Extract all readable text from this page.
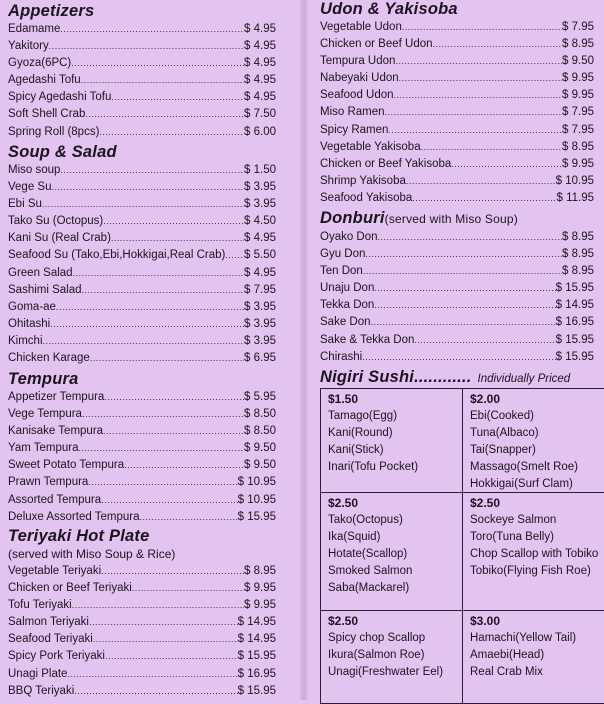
Appetizers
Edamame .....	$ 4.95
Yakitory .....	$ 4.95
Gyoza(6PC) .....	$ 4.95
Agedashi Tofu .....	$ 4.95
Spicy Agedashi Tofu .....	$ 4.95
Soft Shell Crab .....	$ 7.50
Spring Roll (8pcs) .....	$ 6.00
Soup & Salad
Miso soup .....	$ 1.50
Vege Su .....	$ 3.95
Ebi Su .....	$ 3.95
Tako Su (Octopus) .....	$ 4.50
Kani Su (Real Crab) .....	$ 4.95
Seafood Su (Tako,Ebi,Hokkigai,Real Crab) ..... $ 5.50
Green Salad .....	$ 4.95
Sashimi Salad .....	$ 7.95
Goma-ae .....	$ 3.95
Ohitashi .....	$ 3.95
Kimchi .....	$ 3.95
Chicken Karage .....	$ 6.95
Tempura
Appetizer Tempura .....	$ 5.95
Vege Tempura .....	$ 8.50
Kanisake Tempura .....	$ 8.50
Yam Tempura .....	$ 9.50
Sweet Potato Tempura .....	$ 9.50
Prawn Tempura .....	$ 10.95
Assorted Tempura .....	$ 10.95
Deluxe Assorted Tempura .....	$ 15.95
Teriyaki Hot Plate
(served with Miso Soup & Rice)
Vegetable Teriyaki .....	$ 8.95
Chicken or Beef Teriyaki .....	$ 9.95
Tofu Teriyaki .....	$ 9.95
Salmon Teriyaki .....	$ 14.95
Seafood Teriyaki .....	$ 14.95
Spicy Pork Teriyaki .....	$ 15.95
Unagi Plate .....	$ 16.95
BBQ Teriyaki .....	$ 15.95
Udon & Yakisoba
Vegetable Udon .....	$ 7.95
Chicken or Beef Udon .....	$ 8.95
Tempura Udon .....	$ 9.50
Nabeyaki Udon .....	$ 9.95
Seafood Udon .....	$ 9.95
Miso Ramen .....	$ 7.95
Spicy Ramen .....	$ 7.95
Vegetable Yakisoba .....	$ 8.95
Chicken or Beef Yakisoba .....	$ 9.95
Shrimp Yakisoba .....	$ 10.95
Seafood Yakisoba .....	$ 11.95
Donburi(served with Miso Soup)
Oyako Don .....	$ 8.95
Gyu Don .....	$ 8.95
Ten Don .....	$ 8.95
Unaju Don .....	$ 15.95
Tekka Don .....	$ 14.95
Sake Don .....	$ 16.95
Sake & Tekka Don .....	$ 15.95
Chirashi .....	$ 15.95
Nigiri Sushi............ Individually Priced
$1.50
Tamago(Egg)
Kani(Round)
Kani(Stick)
Inari(Tofu Pocket)
$2.00
Ebi(Cooked)
Tuna(Albaco)
Tai(Snapper)
Massago(Smelt Roe)
Hokkigai(Surf Clam)
$2.50
Tako(Octopus)
Ika(Squid)
Hotate(Scallop)
Smoked Salmon
Saba(Mackarel)
$2.50
Sockeye Salmon
Toro(Tuna Belly)
Chop Scallop with Tobiko
Tobiko(Flying Fish Roe)
$2.50
Spicy chop Scallop
Ikura(Salmon Roe)
Unagi(Freshwater Eel)
$3.00
Hamachi(Yellow Tail)
Amaebi(Head)
Real Crab Mix
